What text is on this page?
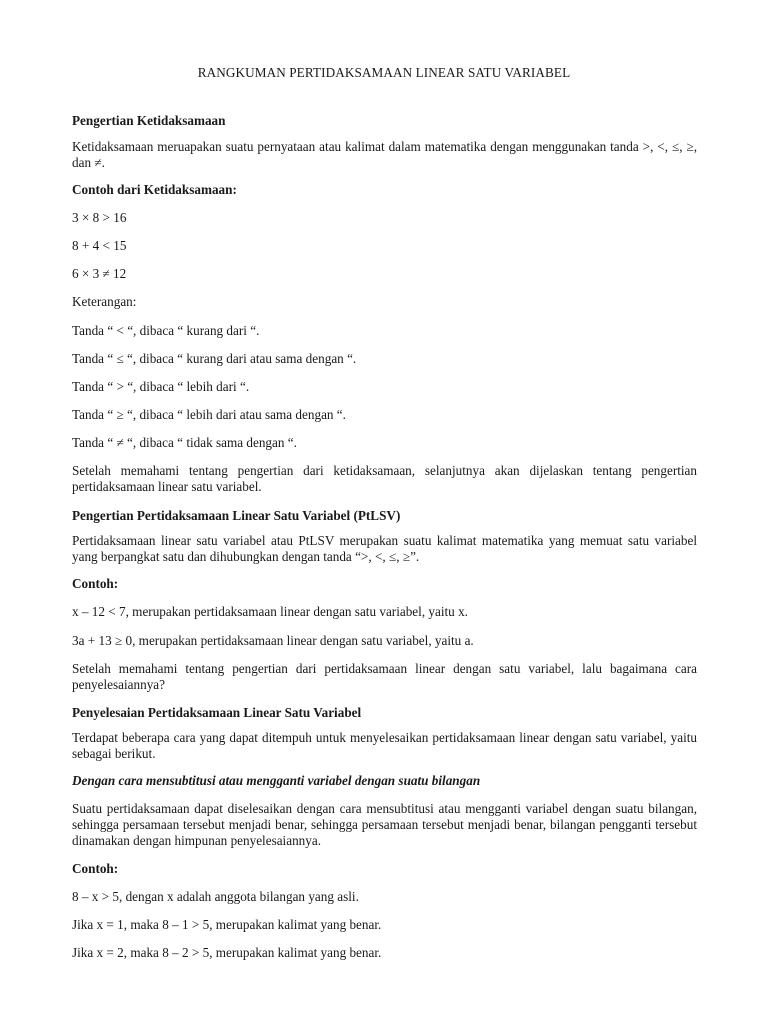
RANGKUMAN PERTIDAKSAMAAN LINEAR SATU VARIABEL
Pengertian Ketidaksamaan
Ketidaksamaan meruapakan suatu pernyataan atau kalimat dalam matematika dengan menggunakan tanda >, <, ≤, ≥, dan ≠.
Contoh dari Ketidaksamaan:
3 × 8 > 16
8 + 4 < 15
6 × 3 ≠ 12
Keterangan:
Tanda “ < “, dibaca “ kurang dari “.
Tanda “ ≤ “, dibaca “ kurang dari atau sama dengan “.
Tanda “ > “, dibaca “ lebih dari “.
Tanda “ ≥ “, dibaca “ lebih dari atau sama dengan “.
Tanda “ ≠ “, dibaca “ tidak sama dengan “.
Setelah memahami tentang pengertian dari ketidaksamaan, selanjutnya akan dijelaskan tentang pengertian pertidaksamaan linear satu variabel.
Pengertian Pertidaksamaan Linear Satu Variabel (PtLSV)
Pertidaksamaan linear satu variabel atau PtLSV merupakan suatu kalimat matematika yang memuat satu variabel yang berpangkat satu dan dihubungkan dengan tanda “>, <, ≤, ≥”.
Contoh:
x – 12 < 7, merupakan pertidaksamaan linear dengan satu variabel, yaitu x.
3a + 13 ≥ 0, merupakan pertidaksamaan linear dengan satu variabel, yaitu a.
Setelah memahami tentang pengertian dari pertidaksamaan linear dengan satu variabel, lalu bagaimana cara penyelesaiannya?
Penyelesaian Pertidaksamaan Linear Satu Variabel
Terdapat beberapa cara yang dapat ditempuh untuk menyelesaikan pertidaksamaan linear dengan satu variabel, yaitu sebagai berikut.
Dengan cara mensubtitusi atau mengganti variabel dengan suatu bilangan
Suatu pertidaksamaan dapat diselesaikan dengan cara mensubtitusi atau mengganti variabel dengan suatu bilangan, sehingga persamaan tersebut menjadi benar, sehingga persamaan tersebut menjadi benar, bilangan pengganti tersebut dinamakan dengan himpunan penyelesaiannya.
Contoh:
8 – x > 5, dengan x adalah anggota bilangan yang asli.
Jika x = 1, maka 8 – 1 > 5, merupakan kalimat yang benar.
Jika x = 2, maka 8 – 2 > 5, merupakan kalimat yang benar.
